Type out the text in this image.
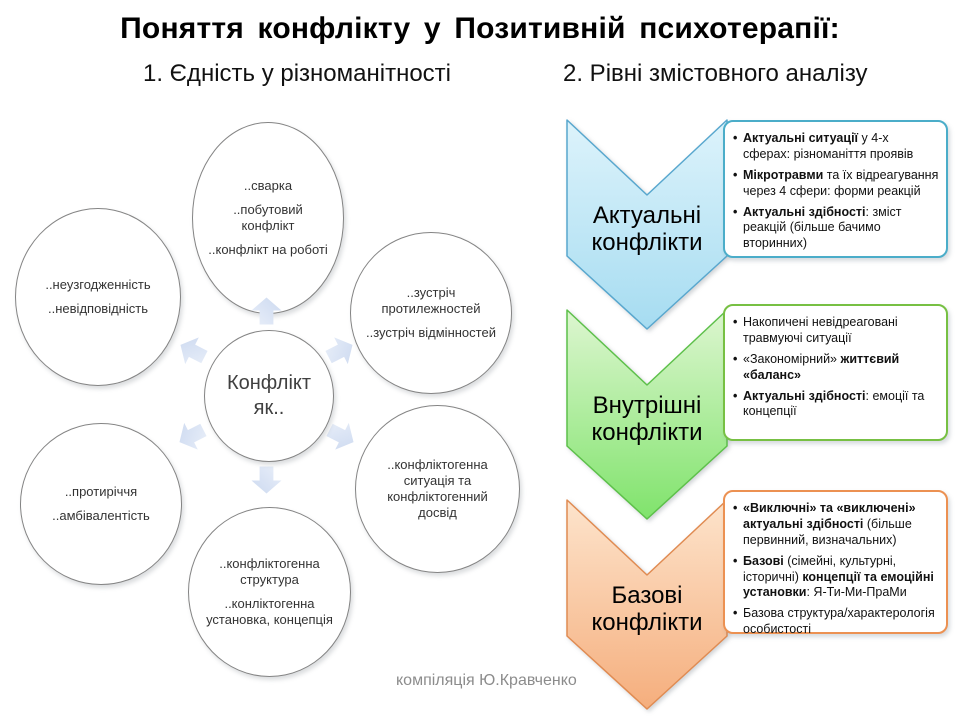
Поняття конфлікту у Позитивній психотерапії:
1. Єдність у різноманітності	2. Рівні змістовного аналізу
..сварка
..побутовий конфлікт
..конфлікт на роботі
..неузгодженність
..невідповідність
..зустріч протилежностей
..зустріч відмінностей
..протиріччя
..амбівалентість
..конфліктогенна ситуація та конфліктогенний досвід
..конфліктогенна структура
..конліктогенна установка, концепція
Конфлікт як..
Актуальні
конфлікти
Внутрішні
конфлікти
Базові
конфлікти
• Актуальні ситуації у 4-х сферах: різноманіття проявів
• Мікротравми та їх відреагування через 4 сфери: форми реакцій
• Актуальні здібності: зміст реакцій (більше бачимо вторинних)
• Накопичені невідреаговані травмуючі ситуації
• «Закономірний» життєвий «баланс»
• Актуальні здібності: емоції та концепції
• «Виключні» та «виключені» актуальні здібності (більше первинний, визначальних)
• Базові (сімейні, культурні, історичні) концепції та емоційні установки: Я-Ти-Ми-ПраМи
• Базова структура/характерологія особистості
компіляція Ю.Кравченко
